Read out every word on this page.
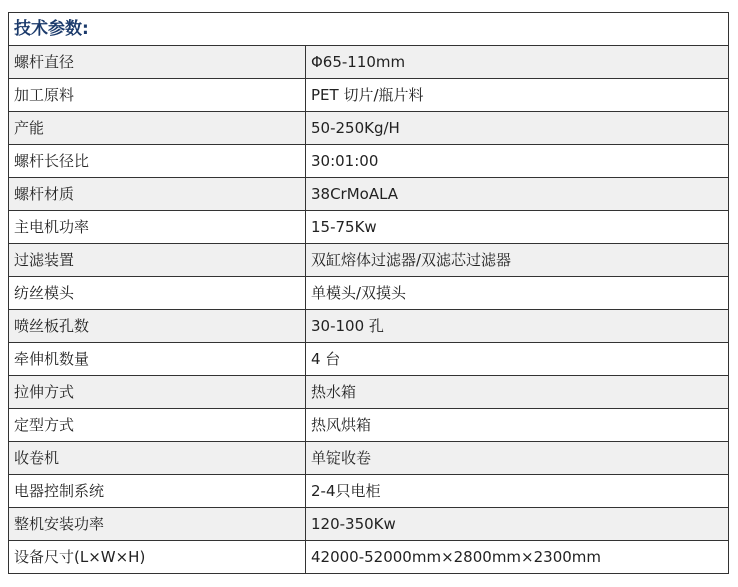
技术参数:	
螺杆直径	Φ65-110mm
加工原料	PET 切片/瓶片料
产能	50-250Kg/H
螺杆长径比	30:01:00
螺杆材质	38CrMoALA
主电机功率	15-75Kw
过滤装置	双缸熔体过滤器/双滤芯过滤器
纺丝模头	单模头/双摸头
喷丝板孔数	30-100 孔
牵伸机数量	4 台
拉伸方式	热水箱
定型方式	热风烘箱
收卷机	单锭收卷
电器控制系统	2-4只电柜
整机安装功率	120-350Kw
设备尺寸(L×W×H)	42000-52000mm×2800mm×2300mm
